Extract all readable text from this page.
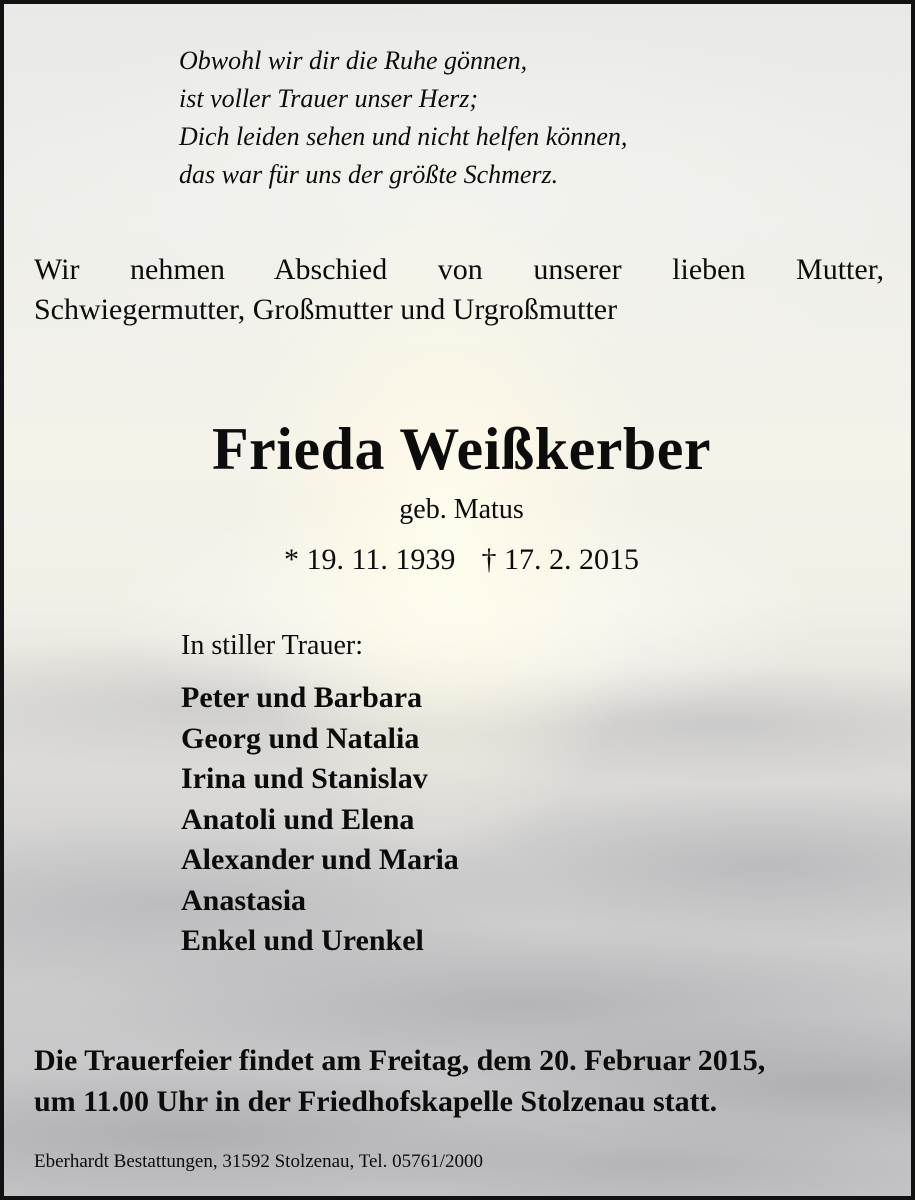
Obwohl wir dir die Ruhe gönnen,
ist voller Trauer unser Herz;
Dich leiden sehen und nicht helfen können,
das war für uns der größte Schmerz.
Wir nehmen Abschied von unserer lieben Mutter,
Schwiegermutter, Großmutter und Urgroßmutter
Frieda Weißkerber
geb. Matus
* 19. 11. 1939 † 17. 2. 2015
In stiller Trauer:
Peter und Barbara
Georg und Natalia
Irina und Stanislav
Anatoli und Elena
Alexander und Maria
Anastasia
Enkel und Urenkel
Die Trauerfeier findet am Freitag, dem 20. Februar 2015,
um 11.00 Uhr in der Friedhofskapelle Stolzenau statt.
Eberhardt Bestattungen, 31592 Stolzenau, Tel. 05761/2000
